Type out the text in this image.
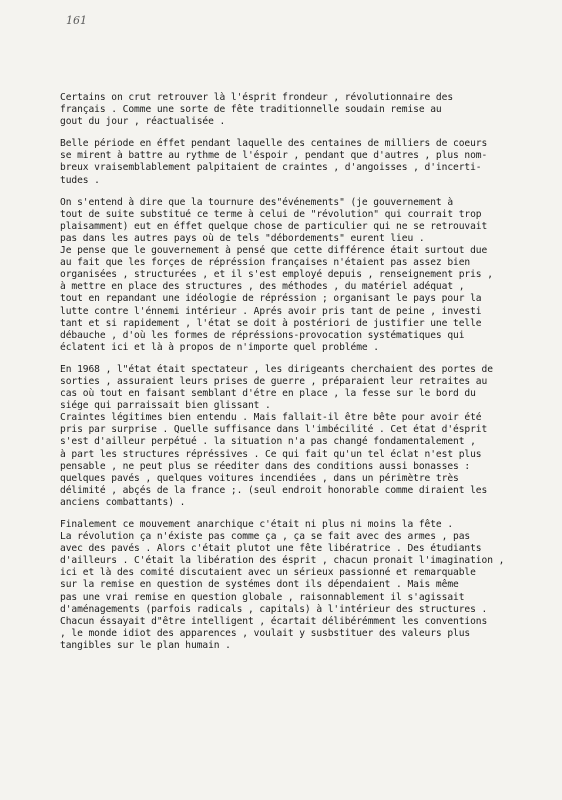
161
Certains on crut retrouver là l'ésprit frondeur , révolutionnaire des
français . Comme une sorte de fête traditionnelle soudain remise au
gout du jour , réactualisée .
Belle période en éffet pendant laquelle des centaines de milliers de coeurs
se mirent à battre au rythme de l'éspoir , pendant que d'autres , plus nom-
breux vraisemblablement palpitaient de craintes , d'angoisses , d'incerti-
tudes .
On s'entend à dire que la tournure des"événements" (je gouvernement à
tout de suite substitué ce terme à celui de "révolution" qui courrait trop
plaisamment) eut en éffet quelque chose de particulier qui ne se retrouvait
pas dans les autres pays où de tels "débordements" eurent lieu .
Je pense que le gouvernement à pensé que cette différence était surtout due
au fait que les forçes de répréssion françaises n'étaient pas assez bien
organisées , structurées , et il s'est employé depuis , renseignement pris ,
à mettre en place des structures , des méthodes , du matériel adéquat ,
tout en repandant une idéologie de répréssion ; organisant le pays pour la
lutte contre l'énnemi intérieur . Aprés avoir pris tant de peine , investi
tant et si rapidement , l'état se doit à postériori de justifier une telle
débauche , d'où les formes de répréssions-provocation systématiques qui
éclatent ici et là à propos de n'importe quel probléme .
En 1968 , l"état était spectateur , les dirigeants cherchaient des portes de
sorties , assuraient leurs prises de guerre , préparaient leur retraites au
cas où tout en faisant semblant d'étre en place , la fesse sur le bord du
siége qui parraissait bien glissant .
Craintes légitimes bien entendu . Mais fallait-il être bête pour avoir été
pris par surprise . Quelle suffisance dans l'imbécilité . Cet état d'ésprit
s'est d'ailleur perpétué . la situation n'a pas changé fondamentalement ,
à part les structures répréssives . Ce qui fait qu'un tel éclat n'est plus
pensable , ne peut plus se réediter dans des conditions aussi bonasses :
quelques pavés , quelques voitures incendiées , dans un périmètre très
délimité , abçés de la france ;. (seul endroit honorable comme diraient les
anciens combattants) .
Finalement ce mouvement anarchique c'était ni plus ni moins la fête .
La révolution ça n'éxiste pas comme ça , ça se fait avec des armes , pas
avec des pavés . Alors c'était plutot une fête libératrice . Des étudiants
d'ailleurs . C'était la libération des ésprit , chacun pronait l'imagination ,
ici et là des comité discutaient avec un sérieux passionné et remarquable
sur la remise en question de systémes dont ils dépendaient . Mais même
pas une vrai remise en question globale , raisonnablement il s'agissait
d'aménagements (parfois radicals , capitals) à l'intérieur des structures .
Chacun éssayait d"être intelligent , écartait délibérémment les conventions
, le monde idiot des apparences , voulait y susbstituer des valeurs plus
tangibles sur le plan humain .
